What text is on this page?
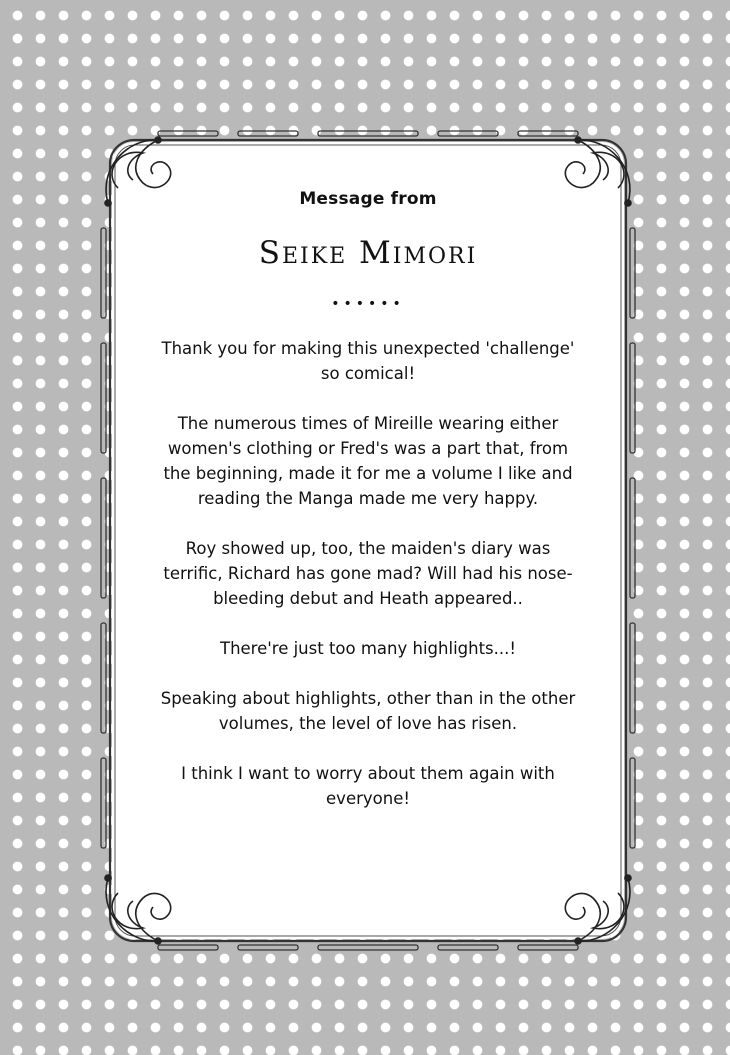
Message from
Seike Mimori
••••••

Thank you for making this unexpected 'challenge' so comical!

The numerous times of Mireille wearing either women's clothing or Fred's was a part that, from the beginning, made it for me a volume I like and reading the Manga made me very happy.

Roy showed up, too, the maiden's diary was terrific, Richard has gone mad? Will had his nose-bleeding debut and Heath appeared..

There're just too many highlights...!

Speaking about highlights, other than in the other volumes, the level of love has risen.

I think I want to worry about them again with everyone!
